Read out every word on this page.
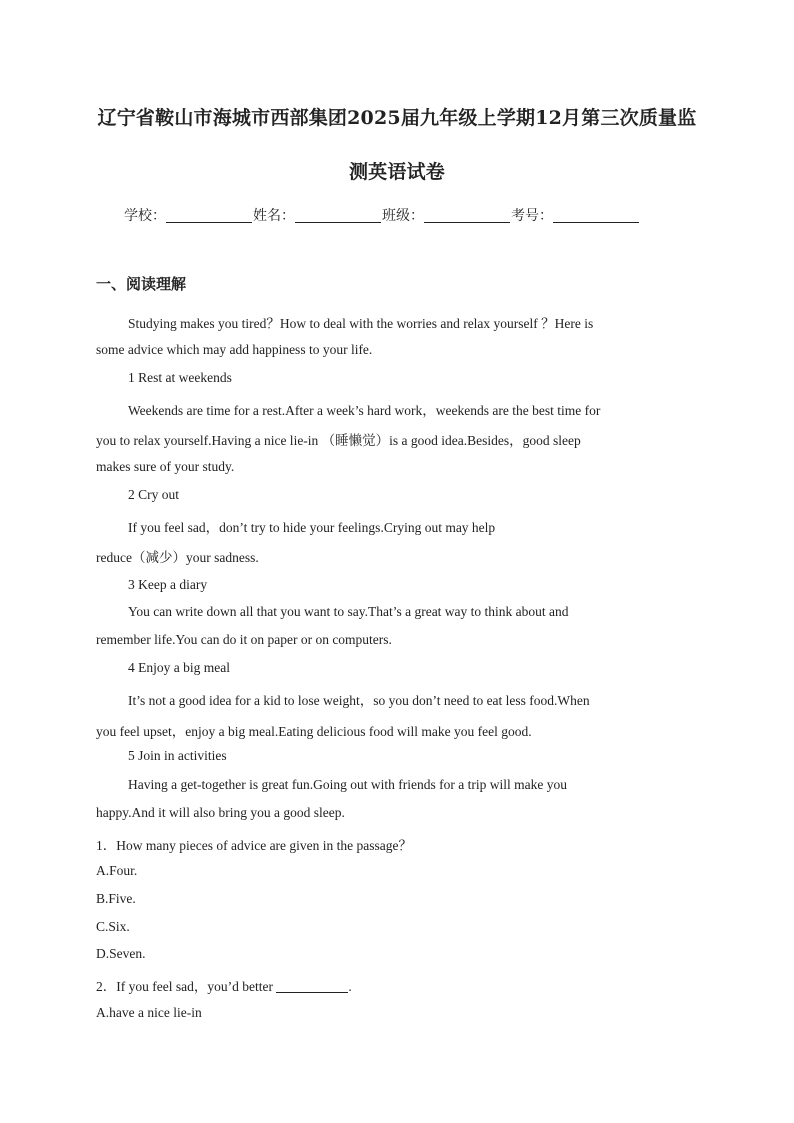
辽宁省鞍山市海城市西部集团2025届九年级上学期12月第三次质量监
测英语试卷
学校：	姓名：	班级：	考号：
一、阅读理解
Studying makes you tired？How to deal with the worries and relax yourself ？Here is
some advice which may add happiness to your life.
1 Rest at weekends
Weekends are time for a rest.After a week’s hard work，weekends are the best time for
you to relax yourself.Having a nice lie-in （睡懒觉）is a good idea.Besides，good sleep
makes sure of your study.
2 Cry out
If you feel sad，don’t try to hide your feelings.Crying out may help
reduce（减少）your sadness.
3 Keep a diary
You can write down all that you want to say.That’s a great way to think about and
remember life.You can do it on paper or on computers.
4 Enjoy a big meal
It’s not a good idea for a kid to lose weight，so you don’t need to eat less food.When
you feel upset，enjoy a big meal.Eating delicious food will make you feel good.
5 Join in activities
Having a get-together is great fun.Going out with friends for a trip will make you
happy.And it will also bring you a good sleep.
1．How many pieces of advice are given in the passage？
A.Four.
B.Five.
C.Six.
D.Seven.
2．If you feel sad，you’d better	.
A.have a nice lie-in
